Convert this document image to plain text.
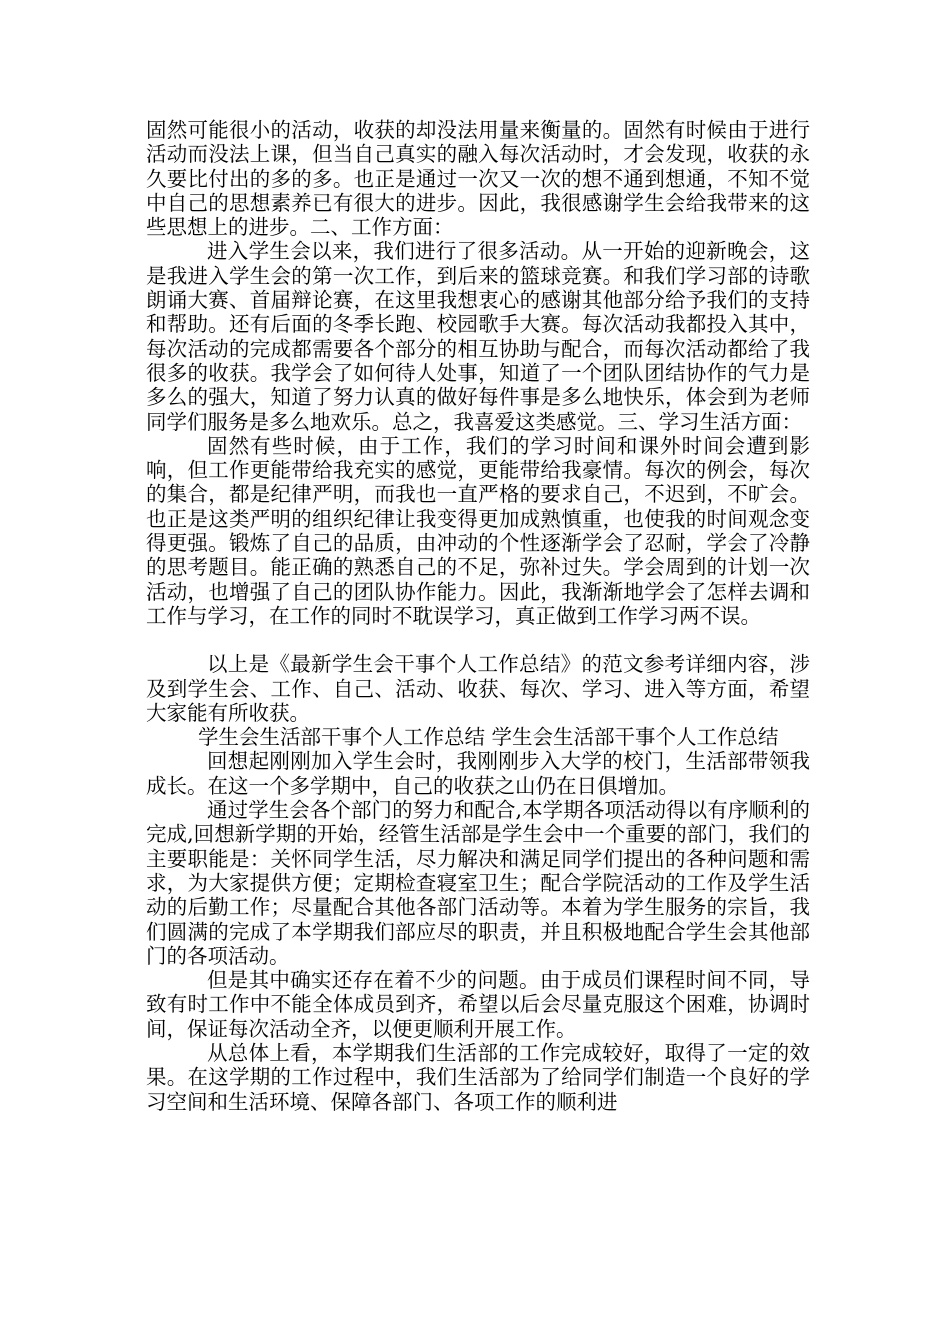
固然可能很小的活动，收获的却没法用量来衡量的。固然有时候由于进行活动而没法上课，但当自己真实的融入每次活动时，才会发现，收获的永久要比付出的多的多。也正是通过一次又一次的想不通到想通，不知不觉中自己的思想素养已有很大的进步。因此，我很感谢学生会给我带来的这些思想上的进步。二、工作方面：

进入学生会以来，我们进行了很多活动。从一开始的迎新晚会，这是我进入学生会的第一次工作，到后来的篮球竞赛。和我们学习部的诗歌朗诵大赛、首届辩论赛，在这里我想衷心的感谢其他部分给予我们的支持和帮助。还有后面的冬季长跑、校园歌手大赛。每次活动我都投入其中，每次活动的完成都需要各个部分的相互协助与配合，而每次活动都给了我很多的收获。我学会了如何待人处事，知道了一个团队团结协作的气力是多么的强大，知道了努力认真的做好每件事是多么地快乐，体会到为老师同学们服务是多么地欢乐。总之，我喜爱这类感觉。三、学习生活方面：

固然有些时候，由于工作，我们的学习时间和课外时间会遭到影响，但工作更能带给我充实的感觉，更能带给我豪情。每次的例会，每次的集合，都是纪律严明，而我也一直严格的要求自己，不迟到，不旷会。也正是这类严明的组织纪律让我变得更加成熟慎重，也使我的时间观念变得更强。锻炼了自己的品质，由冲动的个性逐渐学会了忍耐，学会了冷静的思考题目。能正确的熟悉自己的不足，弥补过失。学会周到的计划一次活动，也增强了自己的团队协作能力。因此，我渐渐地学会了怎样去调和工作与学习，在工作的同时不耽误学习，真正做到工作学习两不误。

以上是《最新学生会干事个人工作总结》的范文参考详细内容，涉及到学生会、工作、自己、活动、收获、每次、学习、进入等方面，希望大家能有所收获。

学生会生活部干事个人工作总结 学生会生活部干事个人工作总结

回想起刚刚加入学生会时，我刚刚步入大学的校门，生活部带领我成长。在这一个多学期中，自己的收获之山仍在日俱增加。

通过学生会各个部门的努力和配合,本学期各项活动得以有序顺利的完成,回想新学期的开始，经管生活部是学生会中一个重要的部门，我们的主要职能是：关怀同学生活，尽力解决和满足同学们提出的各种问题和需求，为大家提供方便；定期检查寝室卫生；配合学院活动的工作及学生活动的后勤工作；尽量配合其他各部门活动等。本着为学生服务的宗旨，我们圆满的完成了本学期我们部应尽的职责，并且积极地配合学生会其他部门的各项活动。

但是其中确实还存在着不少的问题。由于成员们课程时间不同，导致有时工作中不能全体成员到齐，希望以后会尽量克服这个困难，协调时间，保证每次活动全齐，以便更顺利开展工作。

从总体上看，本学期我们生活部的工作完成较好，取得了一定的效果。在这学期的工作过程中，我们生活部为了给同学们制造一个良好的学习空间和生活环境、保障各部门、各项工作的顺利进
